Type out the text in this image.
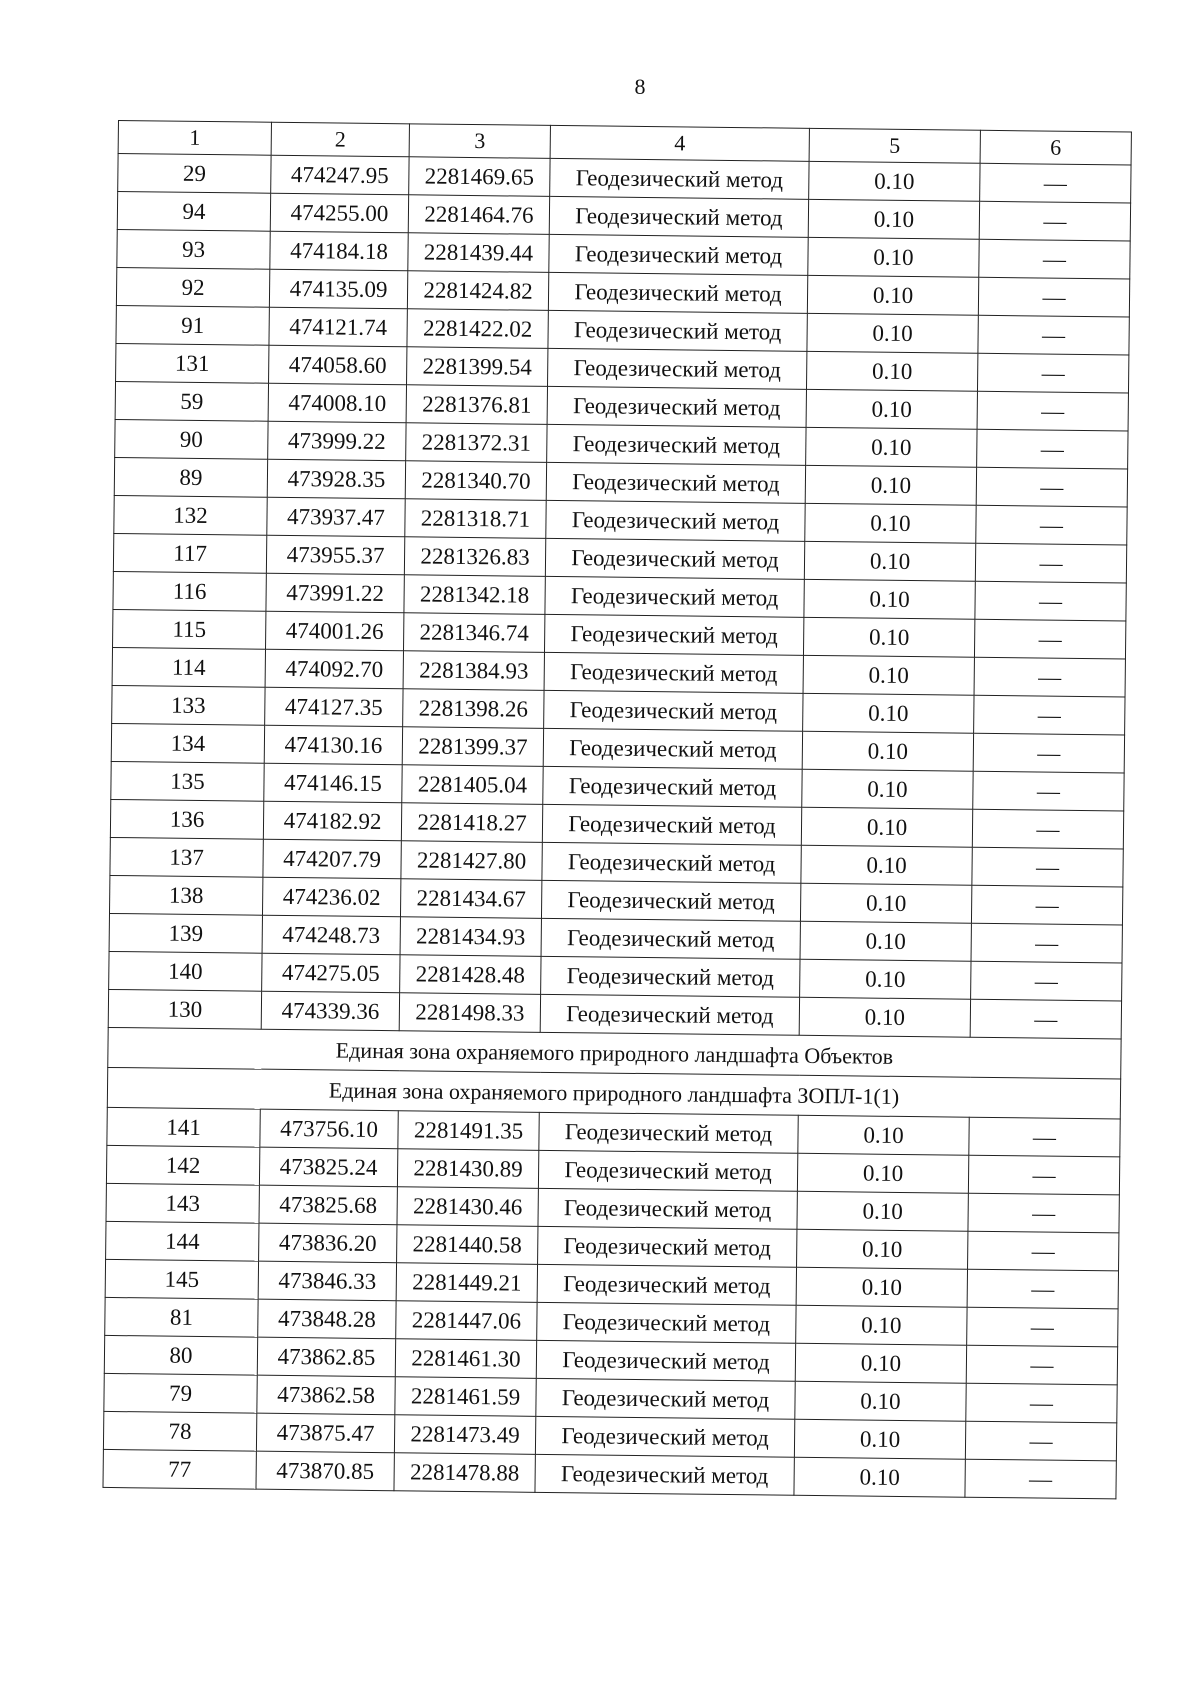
8
1	2	3	4	5	6
29	474247.95	2281469.65	Геодезический метод	0.10	—
94	474255.00	2281464.76	Геодезический метод	0.10	—
93	474184.18	2281439.44	Геодезический метод	0.10	—
92	474135.09	2281424.82	Геодезический метод	0.10	—
91	474121.74	2281422.02	Геодезический метод	0.10	—
131	474058.60	2281399.54	Геодезический метод	0.10	—
59	474008.10	2281376.81	Геодезический метод	0.10	—
90	473999.22	2281372.31	Геодезический метод	0.10	—
89	473928.35	2281340.70	Геодезический метод	0.10	—
132	473937.47	2281318.71	Геодезический метод	0.10	—
117	473955.37	2281326.83	Геодезический метод	0.10	—
116	473991.22	2281342.18	Геодезический метод	0.10	—
115	474001.26	2281346.74	Геодезический метод	0.10	—
114	474092.70	2281384.93	Геодезический метод	0.10	—
133	474127.35	2281398.26	Геодезический метод	0.10	—
134	474130.16	2281399.37	Геодезический метод	0.10	—
135	474146.15	2281405.04	Геодезический метод	0.10	—
136	474182.92	2281418.27	Геодезический метод	0.10	—
137	474207.79	2281427.80	Геодезический метод	0.10	—
138	474236.02	2281434.67	Геодезический метод	0.10	—
139	474248.73	2281434.93	Геодезический метод	0.10	—
140	474275.05	2281428.48	Геодезический метод	0.10	—
130	474339.36	2281498.33	Геодезический метод	0.10	—
Единая зона охраняемого природного ландшафта Объектов					
Единая зона охраняемого природного ландшафта ЗОПЛ-1(1)					
141	473756.10	2281491.35	Геодезический метод	0.10	—
142	473825.24	2281430.89	Геодезический метод	0.10	—
143	473825.68	2281430.46	Геодезический метод	0.10	—
144	473836.20	2281440.58	Геодезический метод	0.10	—
145	473846.33	2281449.21	Геодезический метод	0.10	—
81	473848.28	2281447.06	Геодезический метод	0.10	—
80	473862.85	2281461.30	Геодезический метод	0.10	—
79	473862.58	2281461.59	Геодезический метод	0.10	—
78	473875.47	2281473.49	Геодезический метод	0.10	—
77	473870.85	2281478.88	Геодезический метод	0.10	—
